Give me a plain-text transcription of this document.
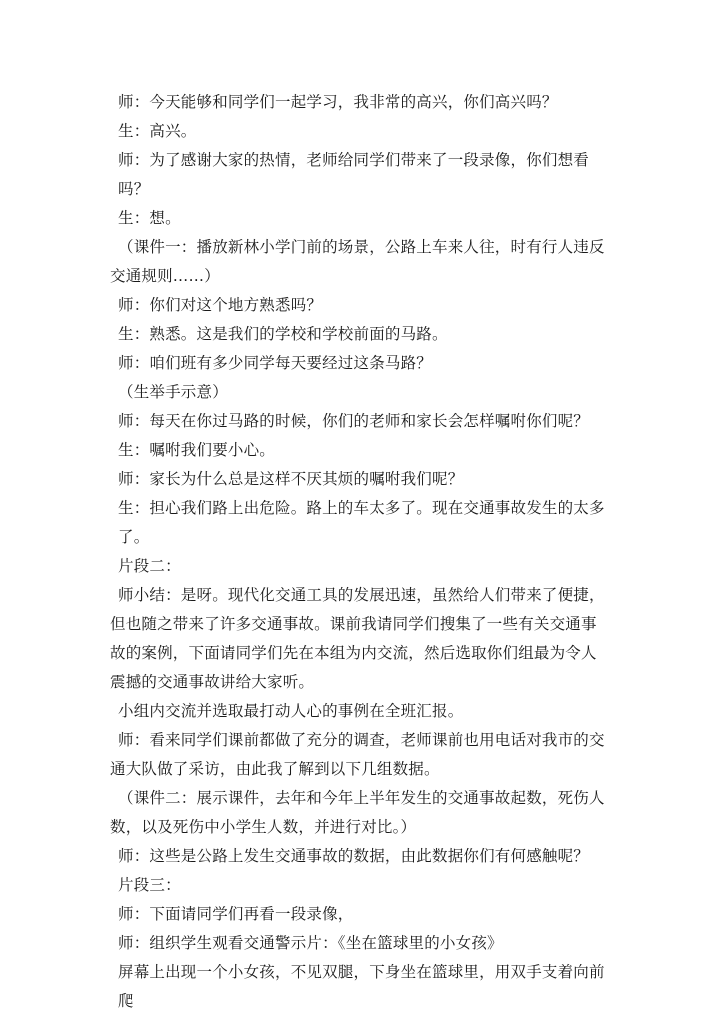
师：今天能够和同学们一起学习，我非常的高兴，你们高兴吗？

生：高兴。

师：为了感谢大家的热情，老师给同学们带来了一段录像，你们想看吗？

生：想。

（课件一：播放新林小学门前的场景，公路上车来人往，时有行人违反交通规则……）

师：你们对这个地方熟悉吗？

生：熟悉。这是我们的学校和学校前面的马路。

师：咱们班有多少同学每天要经过这条马路？

（生举手示意）

师：每天在你过马路的时候，你们的老师和家长会怎样嘱咐你们呢？

生：嘱咐我们要小心。

师：家长为什么总是这样不厌其烦的嘱咐我们呢？

生：担心我们路上出危险。路上的车太多了。现在交通事故发生的太多了。

片段二：

师小结：是呀。现代化交通工具的发展迅速，虽然给人们带来了便捷，但也随之带来了许多交通事故。课前我请同学们搜集了一些有关交通事故的案例，下面请同学们先在本组为内交流，然后选取你们组最为令人震撼的交通事故讲给大家听。

小组内交流并选取最打动人心的事例在全班汇报。

师：看来同学们课前都做了充分的调查，老师课前也用电话对我市的交通大队做了采访，由此我了解到以下几组数据。

（课件二：展示课件，去年和今年上半年发生的交通事故起数，死伤人数，以及死伤中小学生人数，并进行对比。）

师：这些是公路上发生交通事故的数据，由此数据你们有何感触呢？

片段三：

师：下面请同学们再看一段录像，

师：组织学生观看交通警示片：《坐在篮球里的小女孩》

屏幕上出现一个小女孩，不见双腿，下身坐在篮球里，用双手支着向前爬
